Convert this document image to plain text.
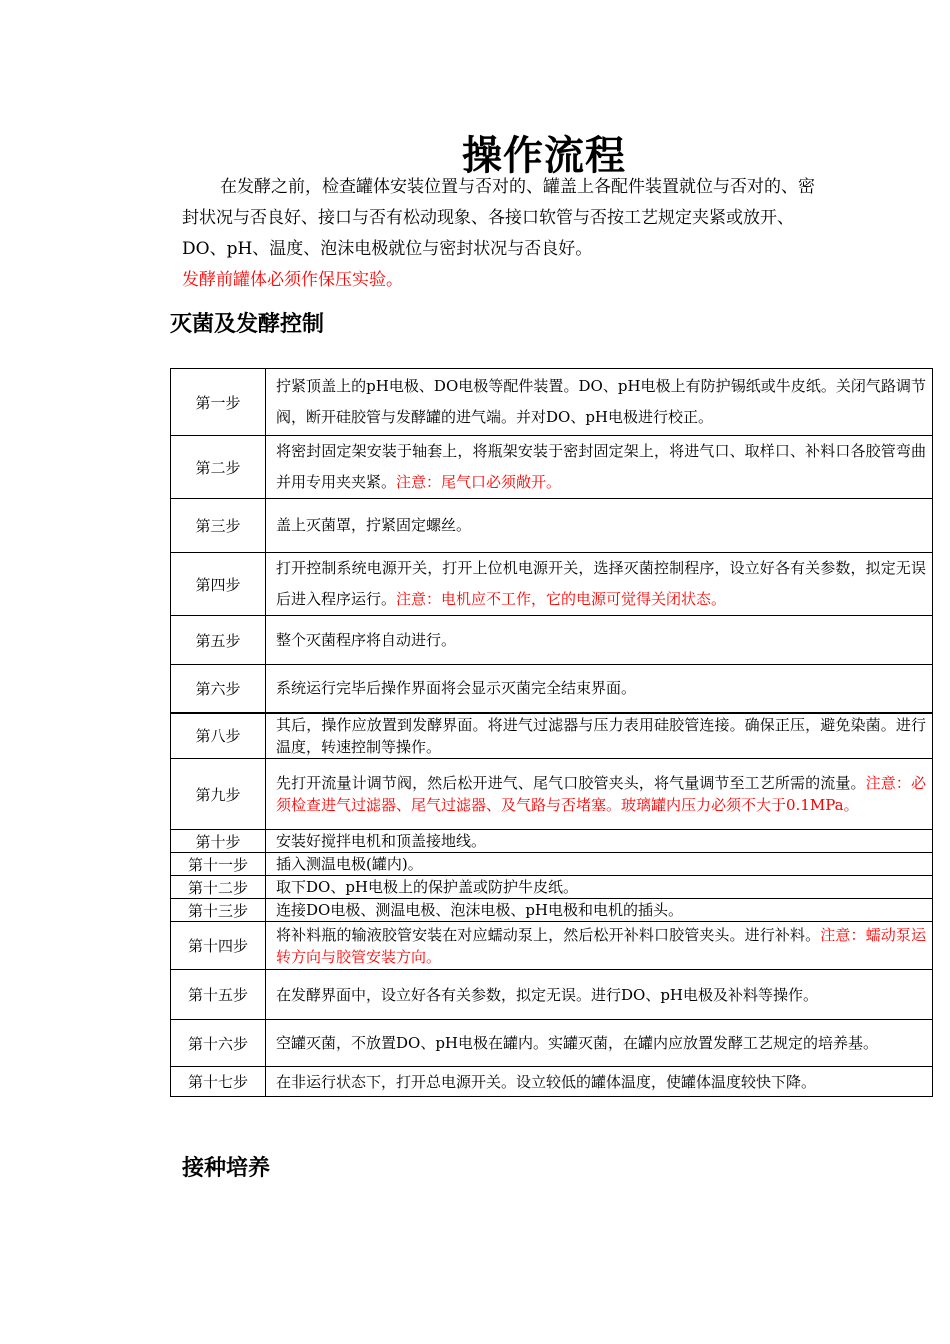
操作流程
在发酵之前，检查罐体安装位置与否对的、罐盖上各配件装置就位与否对的、密封状况与否良好、接口与否有松动现象、各接口软管与否按工艺规定夹紧或放开、DO、pH、温度、泡沫电极就位与密封状况与否良好。
发酵前罐体必须作保压实验。
灭菌及发酵控制
第一步	拧紧顶盖上的pH电极、DO电极等配件装置。DO、pH电极上有防护锡纸或牛皮纸。关闭气路调节阀，断开硅胶管与发酵罐的进气端。并对DO、pH电极进行校正。
第二步	将密封固定架安装于轴套上，将瓶架安装于密封固定架上，将进气口、取样口、补料口各胶管弯曲并用专用夹夹紧。注意：尾气口必须敞开。
第三步	盖上灭菌罩，拧紧固定螺丝。
第四步	打开控制系统电源开关，打开上位机电源开关，选择灭菌控制程序，设立好各有关参数，拟定无误后进入程序运行。注意：电机应不工作，它的电源可觉得关闭状态。
第五步	整个灭菌程序将自动进行。
第六步	系统运行完毕后操作界面将会显示灭菌完全结束界面。
第八步	其后，操作应放置到发酵界面。将进气过滤器与压力表用硅胶管连接。确保正压，避免染菌。进行温度，转速控制等操作。
第九步	先打开流量计调节阀，然后松开进气、尾气口胶管夹头，将气量调节至工艺所需的流量。注意：必须检查进气过滤器、尾气过滤器、及气路与否堵塞。玻璃罐内压力必须不大于0.1MPa。
第十步	安装好搅拌电机和顶盖接地线。
第十一步	插入测温电极(罐内)。
第十二步	取下DO、pH电极上的保护盖或防护牛皮纸。
第十三步	连接DO电极、测温电极、泡沫电极、pH电极和电机的插头。
第十四步	将补料瓶的输液胶管安装在对应蠕动泵上，然后松开补料口胶管夹头。进行补料。注意：蠕动泵运转方向与胶管安装方向。
第十五步	在发酵界面中，设立好各有关参数，拟定无误。进行DO、pH电极及补料等操作。
第十六步	空罐灭菌，不放置DO、pH电极在罐内。实罐灭菌，在罐内应放置发酵工艺规定的培养基。
第十七步	在非运行状态下，打开总电源开关。设立较低的罐体温度，使罐体温度较快下降。
接种培养
